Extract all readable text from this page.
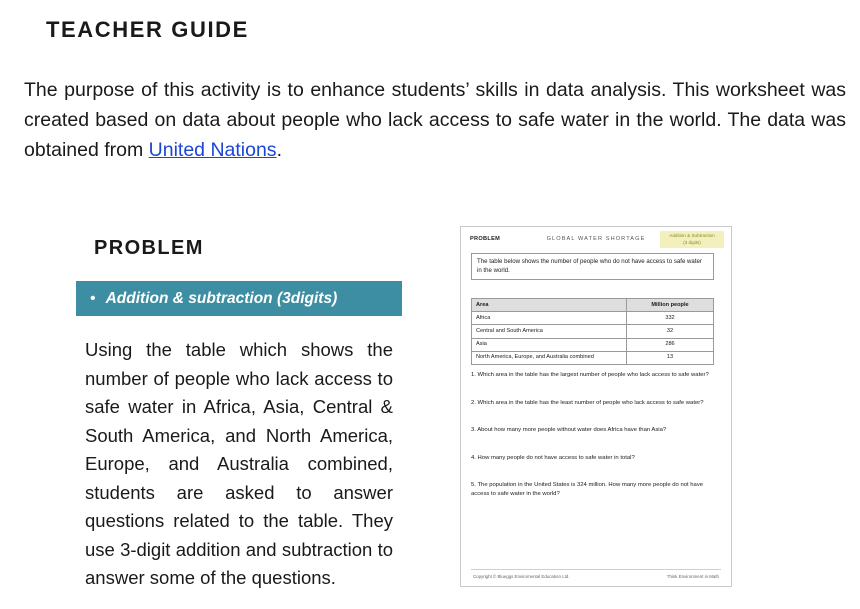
TEACHER GUIDE
The purpose of this activity is to enhance students’ skills in data analysis. This worksheet was created based on data about people who lack access to safe water in the world. The data was obtained from United Nations.
PROBLEM
• Addition & subtraction (3digits)
Using the table which shows the number of people who lack access to safe water in Africa, Asia, Central & South America, and North America, Europe, and Australia combined, students are asked to answer questions related to the table. They use 3-digit addition and subtraction to answer some of the questions.
PROBLEM	GLOBAL WATER SHORTAGE
Addition & Subtraction
(3 digits)
The table below shows the number of people who do not have access to safe water in the world.
Area	Million people
Africa	332
Central and South America	32
Asia	286
North America, Europe, and Australia combined	13
1. Which area in the table has the largest number of people who lack access to safe water?
2. Which area in the table has the least number of people who lack access to safe water?
3. About how many more people without water does Africa have than Asia?
4. How many people do not have access to safe water in total?
5. The population in the United States is 324 million. How many more people do not have access to safe water in the world?
Copyright © Blueggs Enviromental Education Ltd.	Think Environment in Math
